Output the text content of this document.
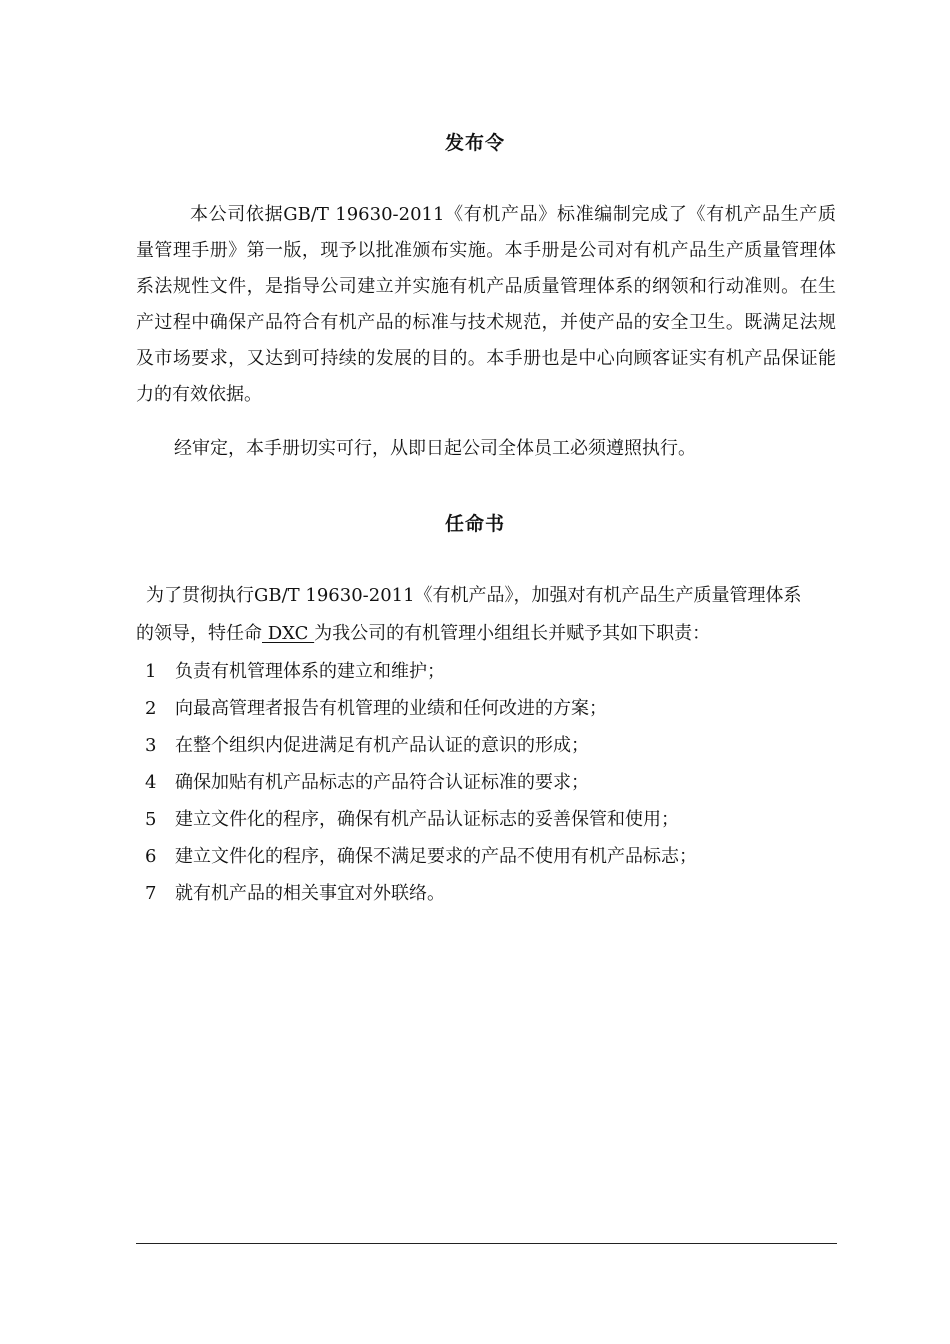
发布令
本公司依据GB/T 19630-2011《有机产品》标准编制完成了《有机产品生产质量管理手册》第一版，现予以批准颁布实施。本手册是公司对有机产品生产质量管理体系法规性文件，是指导公司建立并实施有机产品质量管理体系的纲领和行动准则。在生产过程中确保产品符合有机产品的标准与技术规范，并使产品的安全卫生。既满足法规及市场要求，又达到可持续的发展的目的。本手册也是中心向顾客证实有机产品保证能力的有效依据。
经审定，本手册切实可行，从即日起公司全体员工必须遵照执行。
任命书
为了贯彻执行GB/T 19630-2011《有机产品》，加强对有机产品生产质量管理体系
的领导，特任命 DXC 为我公司的有机管理小组组长并赋予其如下职责：
1 负责有机管理体系的建立和维护；
2 向最高管理者报告有机管理的业绩和任何改进的方案；
3 在整个组织内促进满足有机产品认证的意识的形成；
4 确保加贴有机产品标志的产品符合认证标准的要求；
5 建立文件化的程序，确保有机产品认证标志的妥善保管和使用；
6 建立文件化的程序，确保不满足要求的产品不使用有机产品标志；
7 就有机产品的相关事宜对外联络。
